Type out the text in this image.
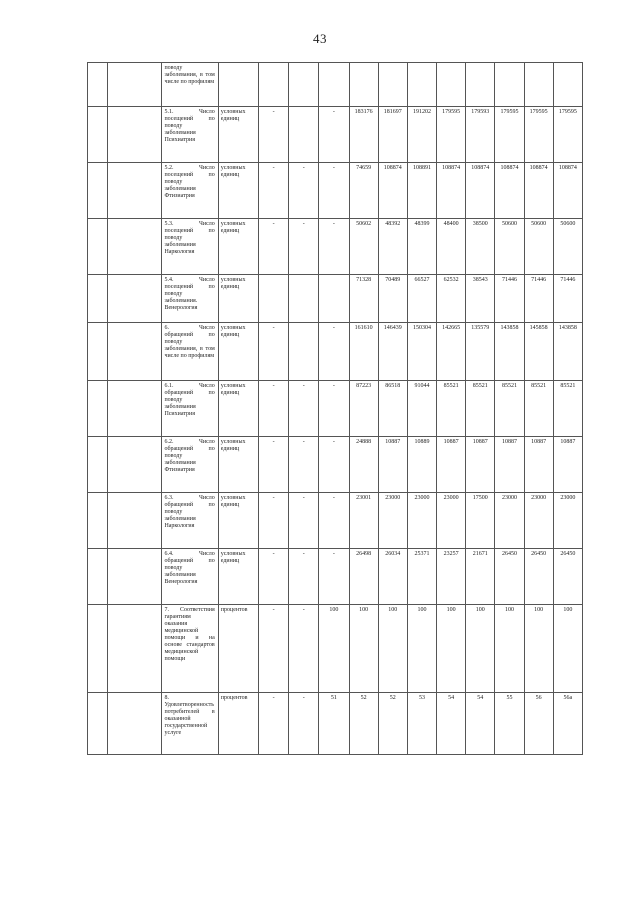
43
		поводу заболевания, в том числе по профилям												
		5.1. Число посещений по поводу заболевания Психиатрия	условных единиц	-		-	183176	181697	191202	179595	179593	179595	179595	179595
		5.2. Число посещений по поводу заболевания Фтизиатрия	условных единиц	-	-	-	74659	108874	108891	108874	108874	108874	108874	108874
		5.3. Число посещений по поводу заболевания Наркология	условных единиц	-	-	-	50602	48392	48399	48400	38500	50600	50600	50600
		5.4. Число посещений по поводу заболевания. Венерология	условных единиц				71328	70489	66527	62532	38543	71446	71446	71446
		6. Число обращений по поводу заболевания, в том числе по профилям	условных единиц	-		-	161610	146439	150304	142665	135579	143858	145858	143858
		6.1. Число обращений по поводу заболевания Психиатрия	условных единиц	-	-	-	87223	86518	91044	85521	85521	85521	85521	85521
		6.2. Число обращений по поводу заболевания Фтизиатрия	условных единиц	-	-	-	24888	10887	10889	10887	10887	10887	10887	10887
		6.3. Число обращений по поводу заболевания Наркология	условных единиц	-	-	-	23001	23000	23000	23000	17500	23000	23000	23000
		6.4. Число обращений по поводу заболевания Венерология	условных единиц	-	-	-	26498	26034	25371	23257	21671	26450	26450	26450
		7. Соответствия гарантиям оказания медицинской помощи и на основе стандартов медицинской помощи	процентов	-	-	100	100	100	100	100	100	100	100	100
		8. Удовлетворенность потребителей в оказанной государственной услуге	процентов	-	-	51	52	52	53	54	54	55	56	56a
